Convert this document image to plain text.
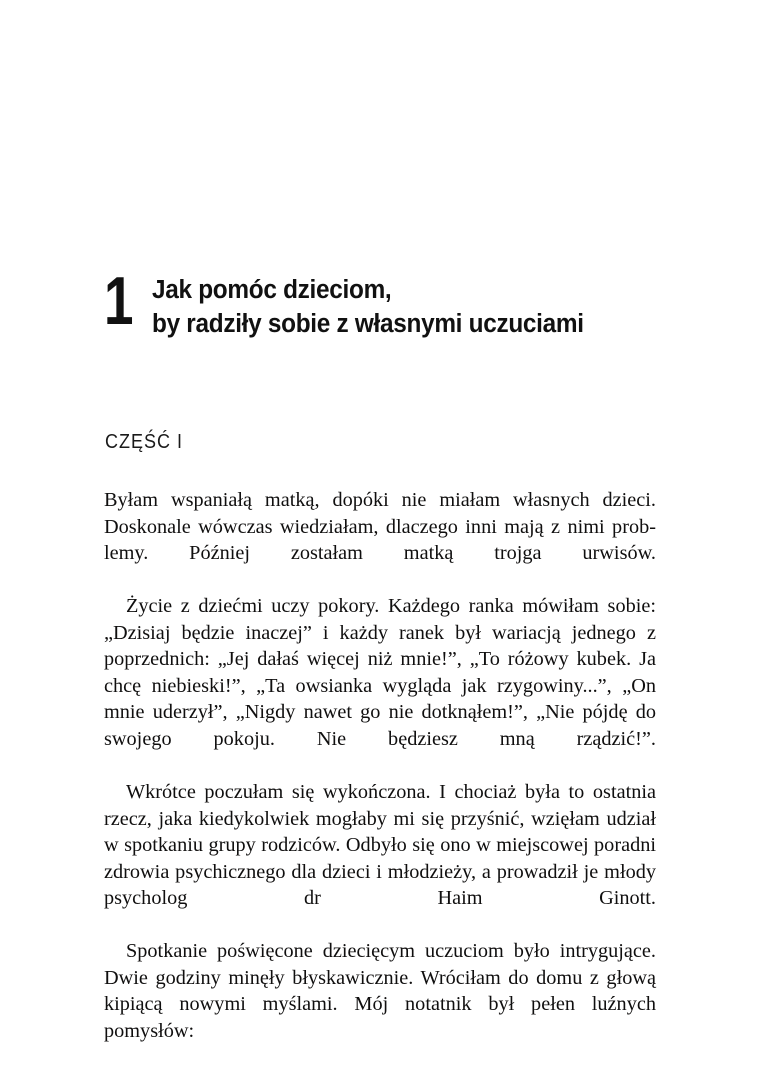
1 Jak pomóc dzieciom,
by radziły sobie z własnymi uczuciami
CZĘŚĆ I

Byłam wspaniałą matką, dopóki nie miałam własnych dzieci. Doskonale wówczas wiedziałam, dlaczego inni mają z nimi problemy. Później zostałam matką trojga urwisów.

Życie z dziećmi uczy pokory. Każdego ranka mówiłam sobie: „Dzisiaj będzie inaczej” i każdy ranek był wariacją jednego z poprzednich: „Jej dałaś więcej niż mnie!”, „To różowy kubek. Ja chcę niebieski!”, „Ta owsianka wygląda jak rzygowiny...”, „On mnie uderzył”, „Nigdy nawet go nie dotknąłem!”, „Nie pójdę do swojego pokoju. Nie będziesz mną rządzić!”.

Wkrótce poczułam się wykończona. I chociaż była to ostatnia rzecz, jaka kiedykolwiek mogłaby mi się przyśnić, wzięłam udział w spotkaniu grupy rodziców. Odbyło się ono w miejscowej poradni zdrowia psychicznego dla dzieci i młodzieży, a prowadził je młody psycholog dr Haim Ginott.

Spotkanie poświęcone dziecięcym uczuciom było intrygujące. Dwie godziny minęły błyskawicznie. Wróciłam do domu z głową kipiącą nowymi myślami. Mój notatnik był pełen luźnych pomysłów:
